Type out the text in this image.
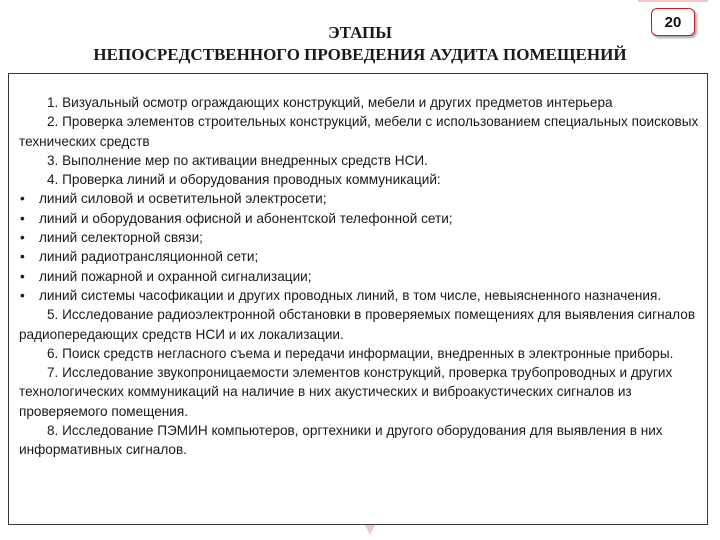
ЭТАПЫ
НЕПОСРЕДСТВЕННОГО ПРОВЕДЕНИЯ АУДИТА ПОМЕЩЕНИЙ
20

1. Визуальный осмотр ограждающих конструкций, мебели и других предметов интерьера

2. Проверка элементов строительных конструкций, мебели с использованием специальных поисковых технических средств

3. Выполнение мер по активации внедренных средств НСИ.

4. Проверка линий и оборудования проводных коммуникаций:

• линий силовой и осветительной электросети;

• линий и оборудования офисной и абонентской телефонной сети;

• линий селекторной связи;

• линий радиотрансляционной сети;

• линий пожарной и охранной сигнализации;

• линий системы часофикации и других проводных линий, в том числе, невыясненного назначения.

5. Исследование радиоэлектронной обстановки в проверяемых помещениях для выявления сигналов радиопередающих средств НСИ и их локализации.

6. Поиск средств негласного съема и передачи информации, внедренных в электронные приборы.

7. Исследование звукопроницаемости элементов конструкций, проверка трубопроводных и других технологических коммуникаций на наличие в них акустических и виброакустических сигналов из проверяемого помещения.

8. Исследование ПЭМИН компьютеров, оргтехники и другого оборудования для выявления в них информативных сигналов.
